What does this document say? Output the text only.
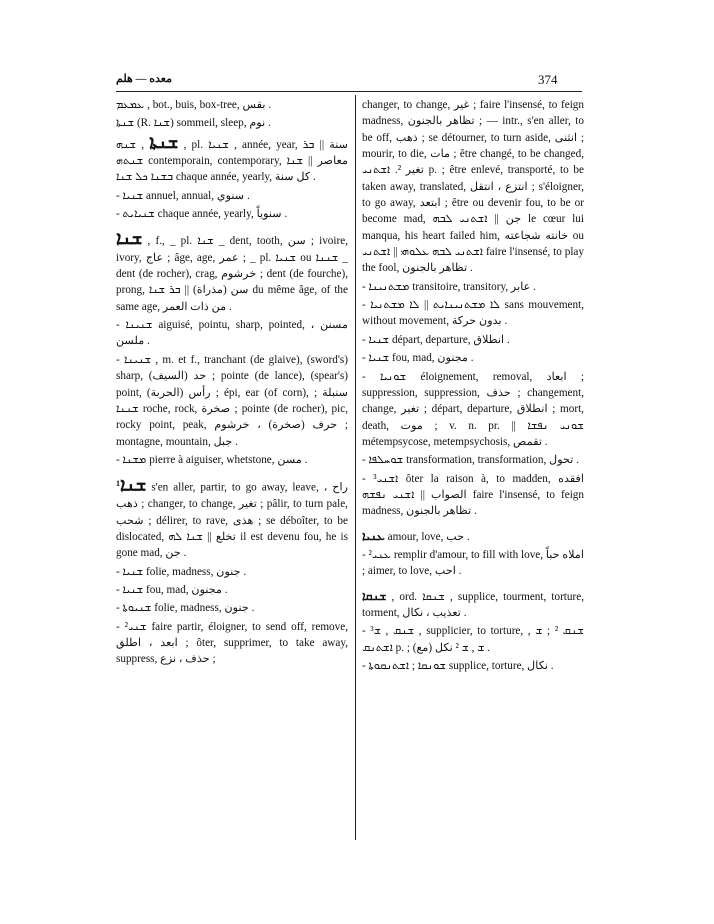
معده — هلم	374

ܥܡܥܡ , bot., buis, box-tree, بقس .

ܫܢܬܐ (R. ܫܢܐ) sommeil, sleep, نوم .

ܫܢܬܐ , ܫܢܗ , pl. ܫܢܝܐ , année, year, سنة || ܒܪ ܫܢܬܗ contemporain, contemporary, معاصر || ܫܢܐ ܒܫܢܐ ܟܠ ܫܢܐ chaque année, yearly, كل سنة .

- ܫܢܝܐ annuel, annual, سنوي .

- ܫܢܝܐܝܬ chaque année, yearly, سنوياً .

ܫܢܐ , f., _ pl. ܫܢܐ _ dent, tooth, سن ; ivoire, ivory, عاج ; âge, age, عمر ; _ pl. ܫܢܝܐ ou ܫܢܢܐ _ dent (de rocher), crag, خرشوم ; dent (de fourche), prong, سن (مذراة) || ܒܪ ܫܢܐ du même âge, of the same age, من ذات العمر .

- ܫܢܝܢܐ aiguisé, pointu, sharp, pointed, مسنن ، ملسن .

- ܫܢܝܢܐ , m. et f., tranchant (de glaive), (sword's) sharp, حد (السيف) ; pointe (de lance), (spear's) point, رأس (الحربة) ; épi, ear (of corn), سنبلة ; ܫܢܢܐ roche, rock, صخرة ; pointe (de rocher), pic, rocky point, peak, حرف (صخرة) ، خرشوم ; montagne, mountain, جبل .

- ܡܫܢܐ pierre à aiguiser, whetstone, مسن .

$^1$ܫܢܐ s'en aller, partir, to go away, leave, راح ، ذهب ; changer, to change, تغير ; pâlir, to turn pale, شحب ; délirer, to rave, هذى ; se déboîter, to be dislocated, تخلع || ܫܢܐ ܠܗ il est devenu fou, he is gone mad, جن .

- ܫܢܝܐ folie, madness, جنون .

- ܫܢܝܐ fou, mad, مجنون .

- ܫܢܝܘܬܐ folie, madness, جنون .

- ²ܫܢܝ faire partir, éloigner, to send off, remove, ابعد ، اطلق ; ôter, supprimer, to take away, suppress, حذف ، نزع ;

changer, to change, غير ; faire l'insensé, to feign madness, تظاهر بالجنون ; — intr., s'en aller, to be off, ذهب ; se détourner, to turn aside, انثنى ; mourir, to die, مات ; être changé, to be changed, تغير ². ܐܫܬܢܝ p. ; être enlevé, transporté, to be taken away, translated, انتزع ، انتقل ; s'éloigner, to go away, ابتعد ; être ou devenir fou, to be or become mad, جن || ܐܫܬܢܝ ܠܒܗ le cœur lui manqua, his heart failed him, خانته شجاعته ou ܐܫܬܢܝ ܠܒܗ ܥܠܘܗܝ || ܐܫܬܢܝ faire l'insensé, to play the fool, تظاهر بالجنون .

- ܡܫܬܢܝܢܐ transitoire, transitory, عابر .

- ܠܐ ܡܫܬܢܝܢܐܝܬ || ܠܐ ܡܫܬܢܝܐ sans mouvement, without movement, بدون حركة .

- ܫܢܝܐ départ, departure, انطلاق .

- ܫܢܝܐ fou, mad, مجنون .

- ܫܘܢܝܐ éloignement, removal, ابعاد ; suppression, suppression, حذف ; changement, change, تغير ; départ, departure, انطلاق ; mort, death, موت ; v. n. pr. || ܫܘܢܝ ܢܦܫܐ métempsycose, metempsychosis, تقمص .

- ܫܘܚܠܦܐ transformation, transformation, تحول .

- ³ܐܫܢܝ ôter la raison à, to madden, افقده الصواب || ܐܫܢܝ ܢܦܫܗ faire l'insensé, to feign madness, تظاهر بالجنون .

ܥܢܝܐ amour, love, حب .

- ²ܥܢܝ remplir d'amour, to fill with love, املاه حباً ; aimer, to love, احب .

ܫܢܩܐ , ord. ܫܢܩܐ , supplice, tourment, torture, torment, تعذيب ، نكال .

- ³ܫܢܩ , ܫ , supplicier, to torture, ܫܢܩ ² ; ܫ , ܐܫܬܢܩ p. ; ܫ , ܫ ² نكل (مع) .

- ܫܘܢܩܐ ; ܐܫܬܢܩܘܬܐ supplice, torture, نكال .
